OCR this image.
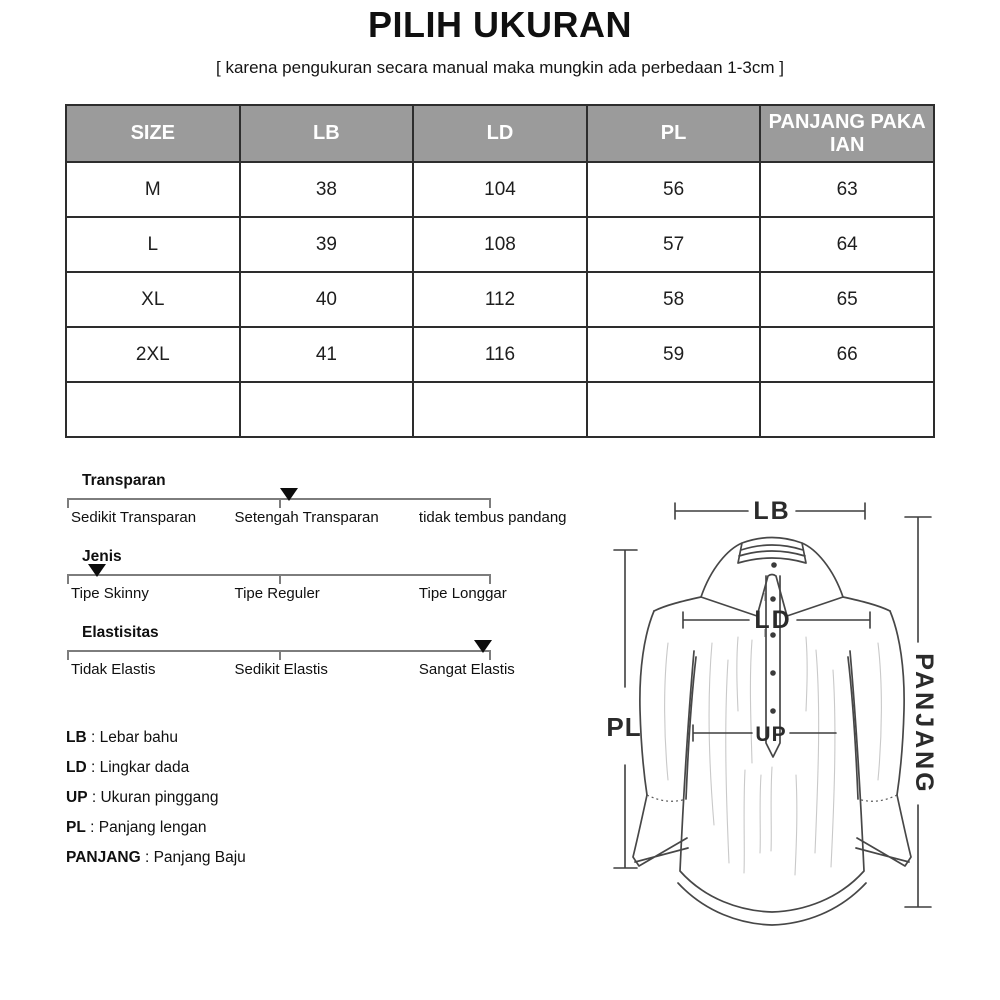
PILIH UKURAN
[ karena pengukuran secara manual maka mungkin ada perbedaan 1-3cm ]
SIZE	LB	LD	PL	PANJANG PAKAIAN
M	38	104	56	63
L	39	108	57	64
XL	40	112	58	65
2XL	41	116	59	66

Transparan
Sedikit Transparan	Setengah Transparan	tidak tembus pandang
Jenis
Tipe Skinny	Tipe Reguler	Tipe Longgar
Elastisitas
Tidak Elastis	Sedikit Elastis	Sangat Elastis
LB : Lebar bahu
LD : Lingkar dada
UP : Ukuran pinggang
PL : Panjang lengan
PANJANG : Panjang Baju
LB
LD
UP
PL	PANJANG
